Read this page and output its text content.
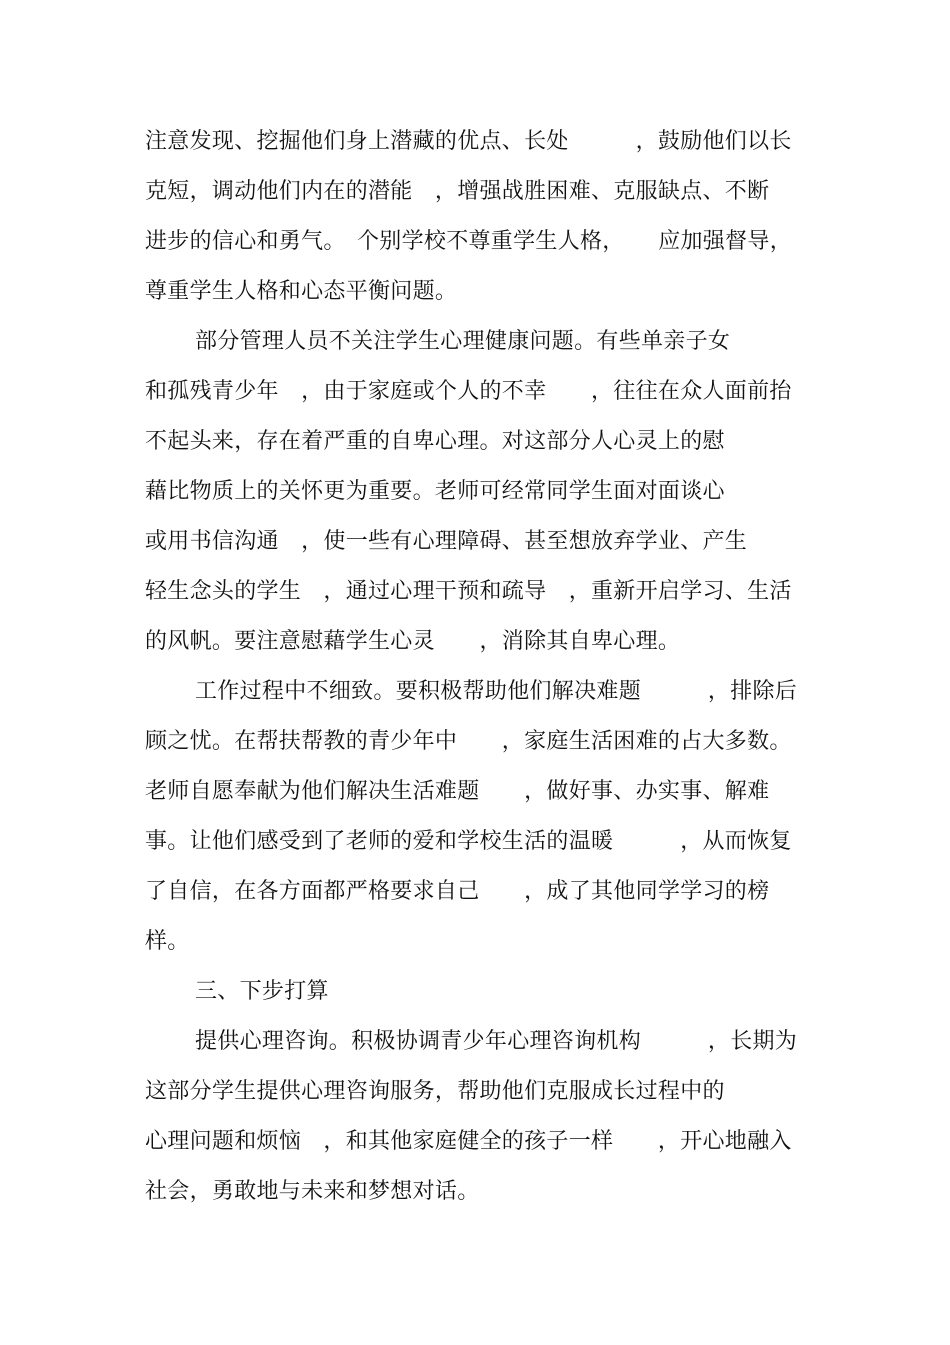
注意发现、挖掘他们身上潜藏的优点、长处　　　，鼓励他们以长
克短，调动他们内在的潜能　，增强战胜困难、克服缺点、不断
进步的信心和勇气。　个别学校不尊重学生人格，　　应加强督导，
尊重学生人格和心态平衡问题。
部分管理人员不关注学生心理健康问题。有些单亲子女
和孤残青少年　，由于家庭或个人的不幸　　，往往在众人面前抬
不起头来，存在着严重的自卑心理。对这部分人心灵上的慰
藉比物质上的关怀更为重要。老师可经常同学生面对面谈心
或用书信沟通　，使一些有心理障碍、甚至想放弃学业、产生
轻生念头的学生　，通过心理干预和疏导　，重新开启学习、生活
的风帆。要注意慰藉学生心灵　　，消除其自卑心理。
工作过程中不细致。要积极帮助他们解决难题　　　，排除后
顾之忧。在帮扶帮教的青少年中　　，家庭生活困难的占大多数。
老师自愿奉献为他们解决生活难题　　，做好事、办实事、解难
事。让他们感受到了老师的爱和学校生活的温暖　　　，从而恢复
了自信，在各方面都严格要求自己　　，成了其他同学学习的榜
样。
三、下步打算
提供心理咨询。积极协调青少年心理咨询机构　　　，长期为
这部分学生提供心理咨询服务，帮助他们克服成长过程中的
心理问题和烦恼　，和其他家庭健全的孩子一样　　，开心地融入
社会，勇敢地与未来和梦想对话。
